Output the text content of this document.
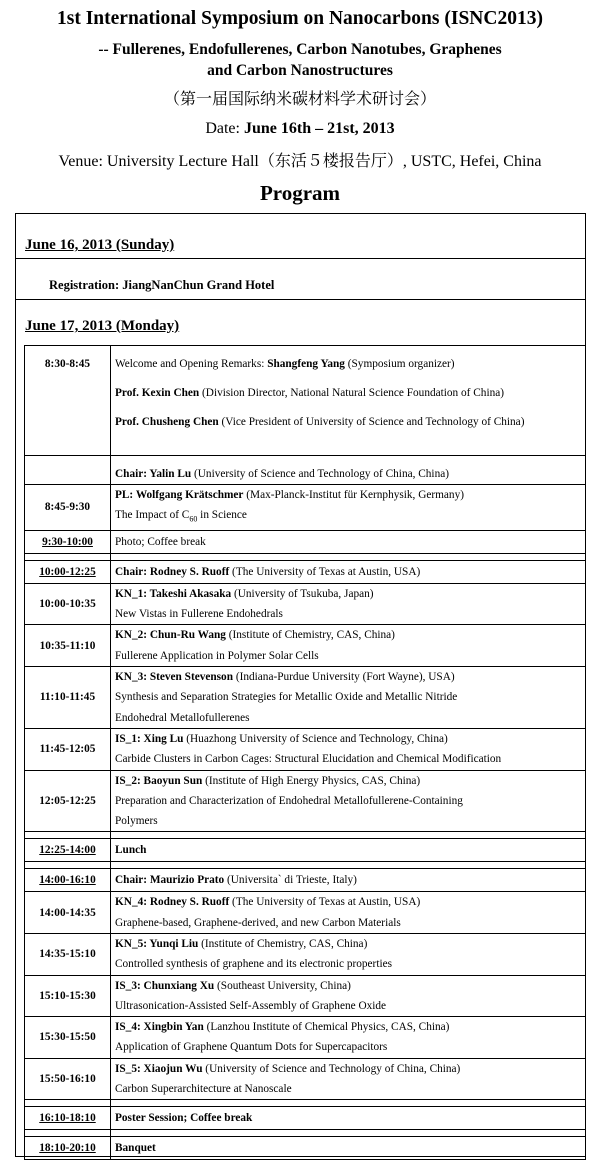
1st International Symposium on Nanocarbons (ISNC2013)
-- Fullerenes, Endofullerenes, Carbon Nanotubes, Graphenes
and Carbon Nanostructures
（第一届国际纳米碳材料学术研讨会）
Date: June 16th – 21st, 2013
Venue: University Lecture Hall（东活５楼报告厅）, USTC, Hefei, China
Program
June 16, 2013 (Sunday)
Registration: JiangNanChun Grand Hotel
June 17, 2013 (Monday)
8:30-8:45	Welcome and Opening Remarks: Shangfeng Yang (Symposium organizer)

Prof. Kexin Chen (Division Director, National Natural Science Foundation of China)

Prof. Chusheng Chen (Vice President of University of Science and Technology of China)

	Chair: Yalin Lu (University of Science and Technology of China, China)
8:45-9:30	PL: Wolfgang Krätschmer (Max-Planck-Institut für Kernphysik, Germany)
The Impact of $C_{60}$ in Science

9:30-10:00	Photo; Coffee break

10:00-12:25	Chair: Rodney S. Ruoff (The University of Texas at Austin, USA)
10:00-10:35	KN_1: Takeshi Akasaka (University of Tsukuba, Japan)
New Vistas in Fullerene Endohedrals

10:35-11:10	KN_2: Chun-Ru Wang (Institute of Chemistry, CAS, China)
Fullerene Application in Polymer Solar Cells

11:10-11:45	KN_3: Steven Stevenson (Indiana-Purdue University (Fort Wayne), USA)
Synthesis and Separation Strategies for Metallic Oxide and Metallic Nitride
Endohedral Metallofullerenes

11:45-12:05	IS_1: Xing Lu (Huazhong University of Science and Technology, China)
Carbide Clusters in Carbon Cages: Structural Elucidation and Chemical Modification

12:05-12:25	IS_2: Baoyun Sun (Institute of High Energy Physics, CAS, China)
Preparation and Characterization of Endohedral Metallofullerene-Containing
Polymers

12:25-14:00	Lunch

14:00-16:10	Chair: Maurizio Prato (Universita` di Trieste, Italy)
14:00-14:35	KN_4: Rodney S. Ruoff (The University of Texas at Austin, USA)
Graphene-based, Graphene-derived, and new Carbon Materials

14:35-15:10	KN_5: Yunqi Liu (Institute of Chemistry, CAS, China)
Controlled synthesis of graphene and its electronic properties

15:10-15:30	IS_3: Chunxiang Xu (Southeast University, China)
Ultrasonication-Assisted Self-Assembly of Graphene Oxide

15:30-15:50	IS_4: Xingbin Yan (Lanzhou Institute of Chemical Physics, CAS, China)
Application of Graphene Quantum Dots for Supercapacitors

15:50-16:10	IS_5: Xiaojun Wu (University of Science and Technology of China, China)
Carbon Superarchitecture at Nanoscale

16:10-18:10	Poster Session; Coffee break

18:10-20:10	Banquet
